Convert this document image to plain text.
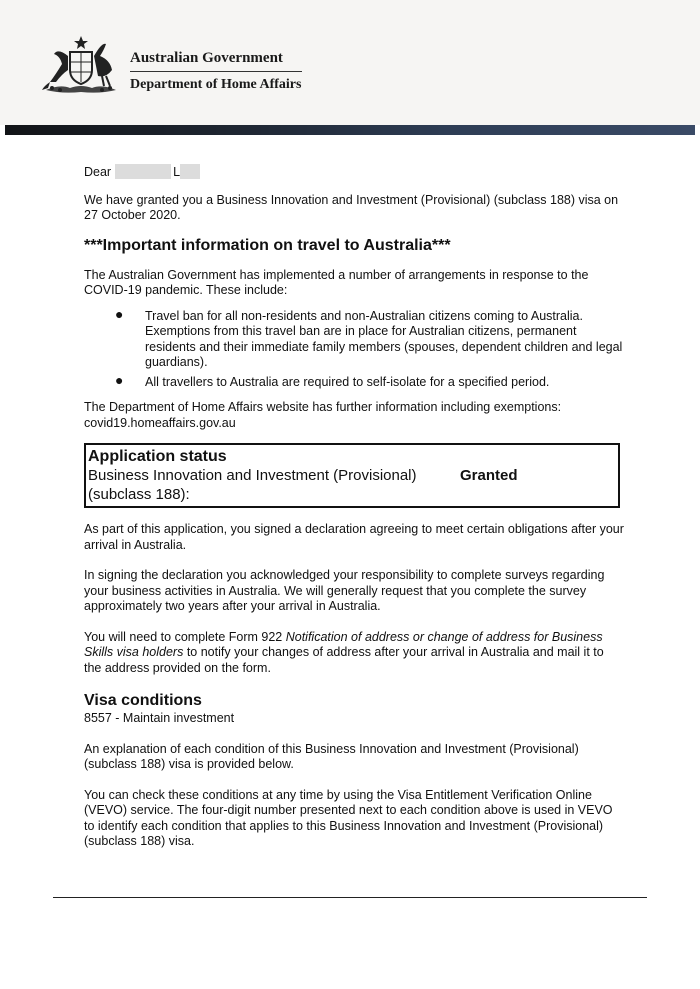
Australian Government
Department of Home Affairs

Dear	L

We have granted you a Business Innovation and Investment (Provisional) (subclass 188) visa on 27 October 2020.

***Important information on travel to Australia***

The Australian Government has implemented a number of arrangements in response to the COVID-19 pandemic. These include:

● Travel ban for all non-residents and non-Australian citizens coming to Australia. Exemptions from this travel ban are in place for Australian citizens, permanent residents and their immediate family members (spouses, dependent children and legal guardians).
● All travellers to Australia are required to self-isolate for a specified period.

The Department of Home Affairs website has further information including exemptions:
covid19.homeaffairs.gov.au

Application status
Business Innovation and Investment (Provisional) (subclass 188):
Granted

As part of this application, you signed a declaration agreeing to meet certain obligations after your arrival in Australia.

In signing the declaration you acknowledged your responsibility to complete surveys regarding your business activities in Australia. We will generally request that you complete the survey approximately two years after your arrival in Australia.

You will need to complete Form 922 Notification of address or change of address for Business Skills visa holders to notify your changes of address after your arrival in Australia and mail it to the address provided on the form.

Visa conditions

8557 - Maintain investment

An explanation of each condition of this Business Innovation and Investment (Provisional) (subclass 188) visa is provided below.

You can check these conditions at any time by using the Visa Entitlement Verification Online (VEVO) service. The four-digit number presented next to each condition above is used in VEVO to identify each condition that applies to this Business Innovation and Investment (Provisional) (subclass 188) visa.
